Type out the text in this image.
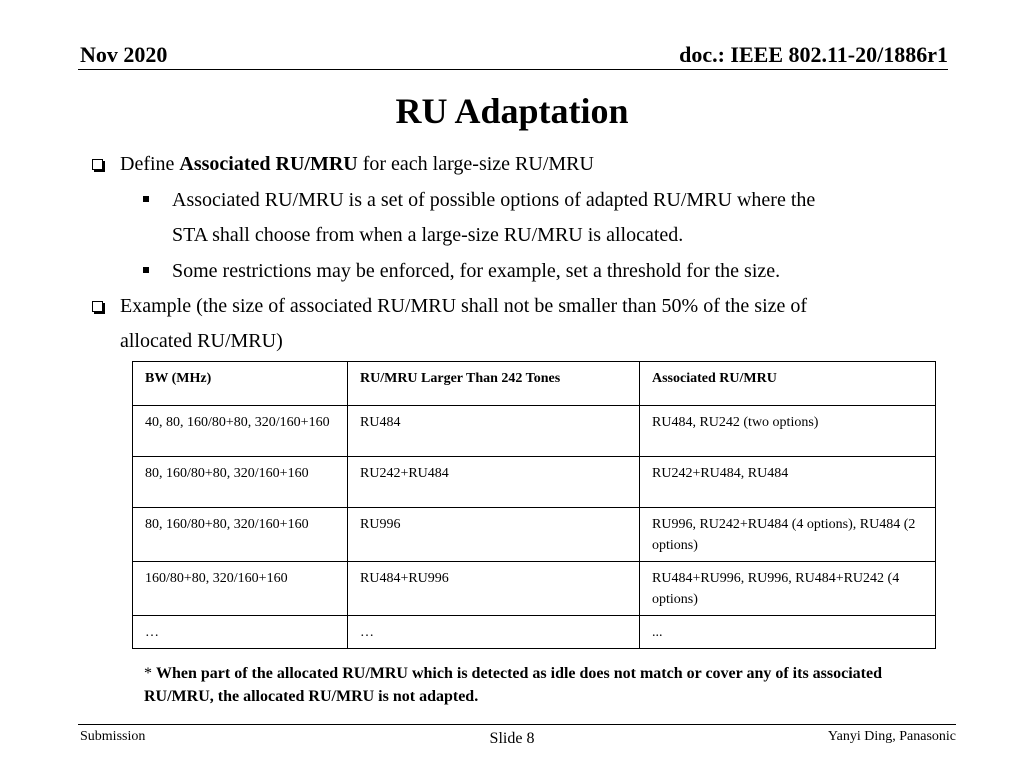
Nov 2020	doc.: IEEE 802.11-20/1886r1
RU Adaptation
Define Associated RU/MRU for each large-size RU/MRU
Associated RU/MRU is a set of possible options of adapted RU/MRU where the
STA shall choose from when a large-size RU/MRU is allocated.
Some restrictions may be enforced, for example, set a threshold for the size.
Example (the size of associated RU/MRU shall not be smaller than 50% of the size of
allocated RU/MRU)
BW (MHz)	RU/MRU Larger Than 242 Tones	Associated RU/MRU
40, 80, 160/80+80, 320/160+160	RU484	RU484, RU242 (two options)
80, 160/80+80, 320/160+160	RU242+RU484	RU242+RU484, RU484
80, 160/80+80, 320/160+160	RU996	RU996, RU242+RU484 (4 options), RU484 (2 options)
160/80+80, 320/160+160	RU484+RU996	RU484+RU996, RU996, RU484+RU242 (4 options)
…	…	...
* When part of the allocated RU/MRU which is detected as idle does not match or cover any of its associated RU/MRU, the allocated RU/MRU is not adapted.
Submission	Slide 8	Yanyi Ding, Panasonic
